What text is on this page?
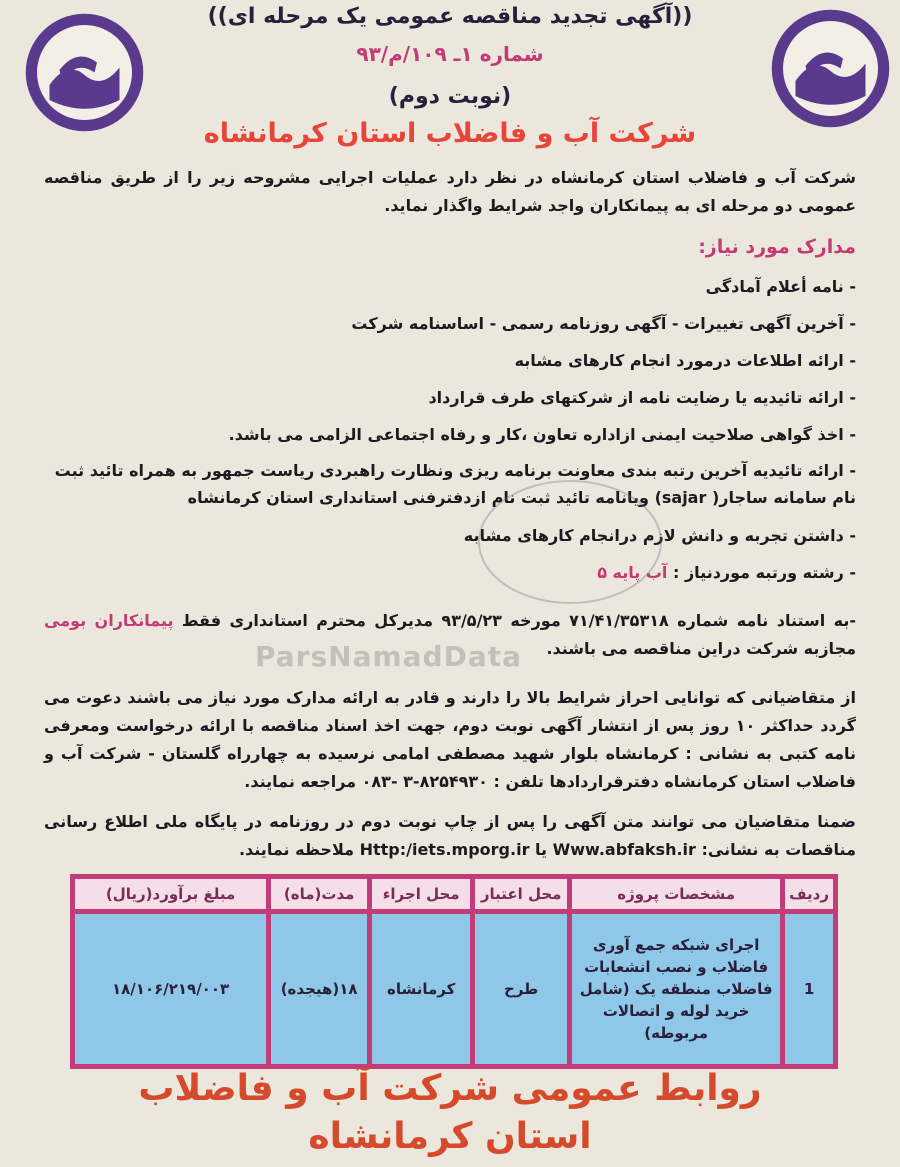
((آگهی تجدید مناقصه عمومی یک مرحله ای))
شماره ۱ـ ۱۰۹/م/۹۳
(نوبت دوم)
شرکت آب و فاضلاب استان کرمانشاه
شرکت آب و فاضلاب استان کرمانشاه در نظر دارد عملیات اجرایی مشروحه زیر را از طریق مناقصه عمومی دو مرحله ای به پیمانکاران واجد شرایط واگذار نماید.
مدارک مورد نیاز:
- نامه أعلام آمادگی
- آخرین آگهی تغییرات - آگهی روزنامه رسمی - اساسنامه شرکت
- ارائه اطلاعات درمورد انجام کارهای مشابه
- ارائه تائیدیه یا رضایت نامه از شرکتهای طرف قرارداد
- اخذ گواهی صلاحیت ایمنی ازاداره تعاون ،کار و رفاه اجتماعی الزامی می باشد.
- ارائه تائیدیه آخرین رتبه بندی معاونت برنامه ریزی ونظارت راهبردی ریاست جمهور به همراه تائید ثبت نام سامانه ساجار( sajar) ویانامه تائید ثبت نام ازدفترفنی استانداری استان کرمانشاه
- داشتن تجربه و دانش لازم درانجام کارهای مشابه
- رشته ورتبه موردنیاز : آب پایه ۵
ParsNamadData
-به استناد نامه شماره ۷۱/۴۱/۳۵۳۱۸ مورخه ۹۳/۵/۲۳ مدیرکل محترم استانداری فقط پیمانکاران بومی مجازبه شرکت دراین مناقصه می باشند.
از متقاضیانی که توانایی احراز شرایط بالا را دارند و قادر به ارائه مدارک مورد نیاز می باشند دعوت می گردد حداکثر ۱۰ روز پس از انتشار آگهی نوبت دوم، جهت اخذ اسناد مناقصه با ارائه درخواست ومعرفی نامه کتبی به نشانی : کرمانشاه بلوار شهید مصطفی امامی نرسیده به چهارراه گلستان - شرکت آب و فاضلاب استان کرمانشاه دفترقراردادها تلفن : ۸۲۵۴۹۳۰-۳ -۰۸۳ مراجعه نمایند.
ضمنا متقاضیان می توانند متن آگهی را پس از چاپ نوبت دوم در روزنامه در پایگاه ملی اطلاع رسانی مناقصات به نشانی: Www.abfaksh.ir یا Http:/iets.mporg.ir ملاحظه نمایند.
ردیف	مشخصات پروژه	محل اعتبار	محل اجراء	مدت(ماه)	مبلغ برآورد(ریال)
1	اجرای شبکه جمع آوری فاضلاب و نصب انشعابات فاضلاب منطقه یک (شامل خرید لوله و اتصالات مربوطه)	طرح	کرمانشاه	۱۸(هیجده)	۱۸/۱۰۶/۲۱۹/۰۰۳
روابط عمومی شرکت آب و فاضلاب
استان کرمانشاه
